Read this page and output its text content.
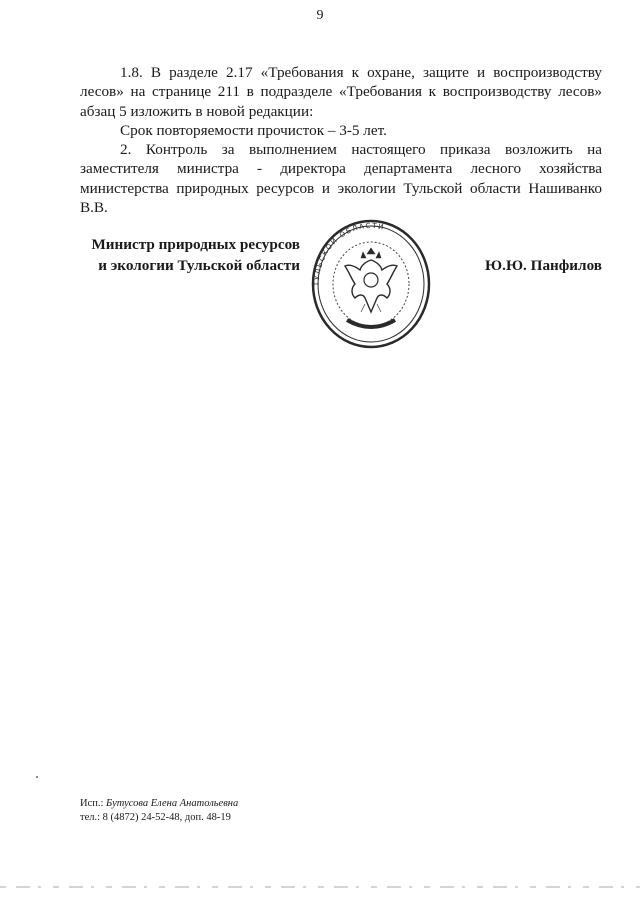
9

1.8. В разделе 2.17 «Требования к охране, защите и воспроизводству лесов» на странице 211 в подразделе «Требования к воспроизводству лесов» абзац 5 изложить в новой редакции:

Срок повторяемости прочисток – 3-5 лет.

2. Контроль за выполнением настоящего приказа возложить на заместителя министра - директора департамента лесного хозяйства министерства природных ресурсов и экологии Тульской области Нашиванко В.В.

Министр природных ресурсов
и экологии Тульской области
ТУЛЬСКОЙ ОБЛАСТИ
Ю.Ю. Панфилов
Исп.: Бутусова Елена Анатольевна
тел.: 8 (4872) 24-52-48, доп. 48-19
